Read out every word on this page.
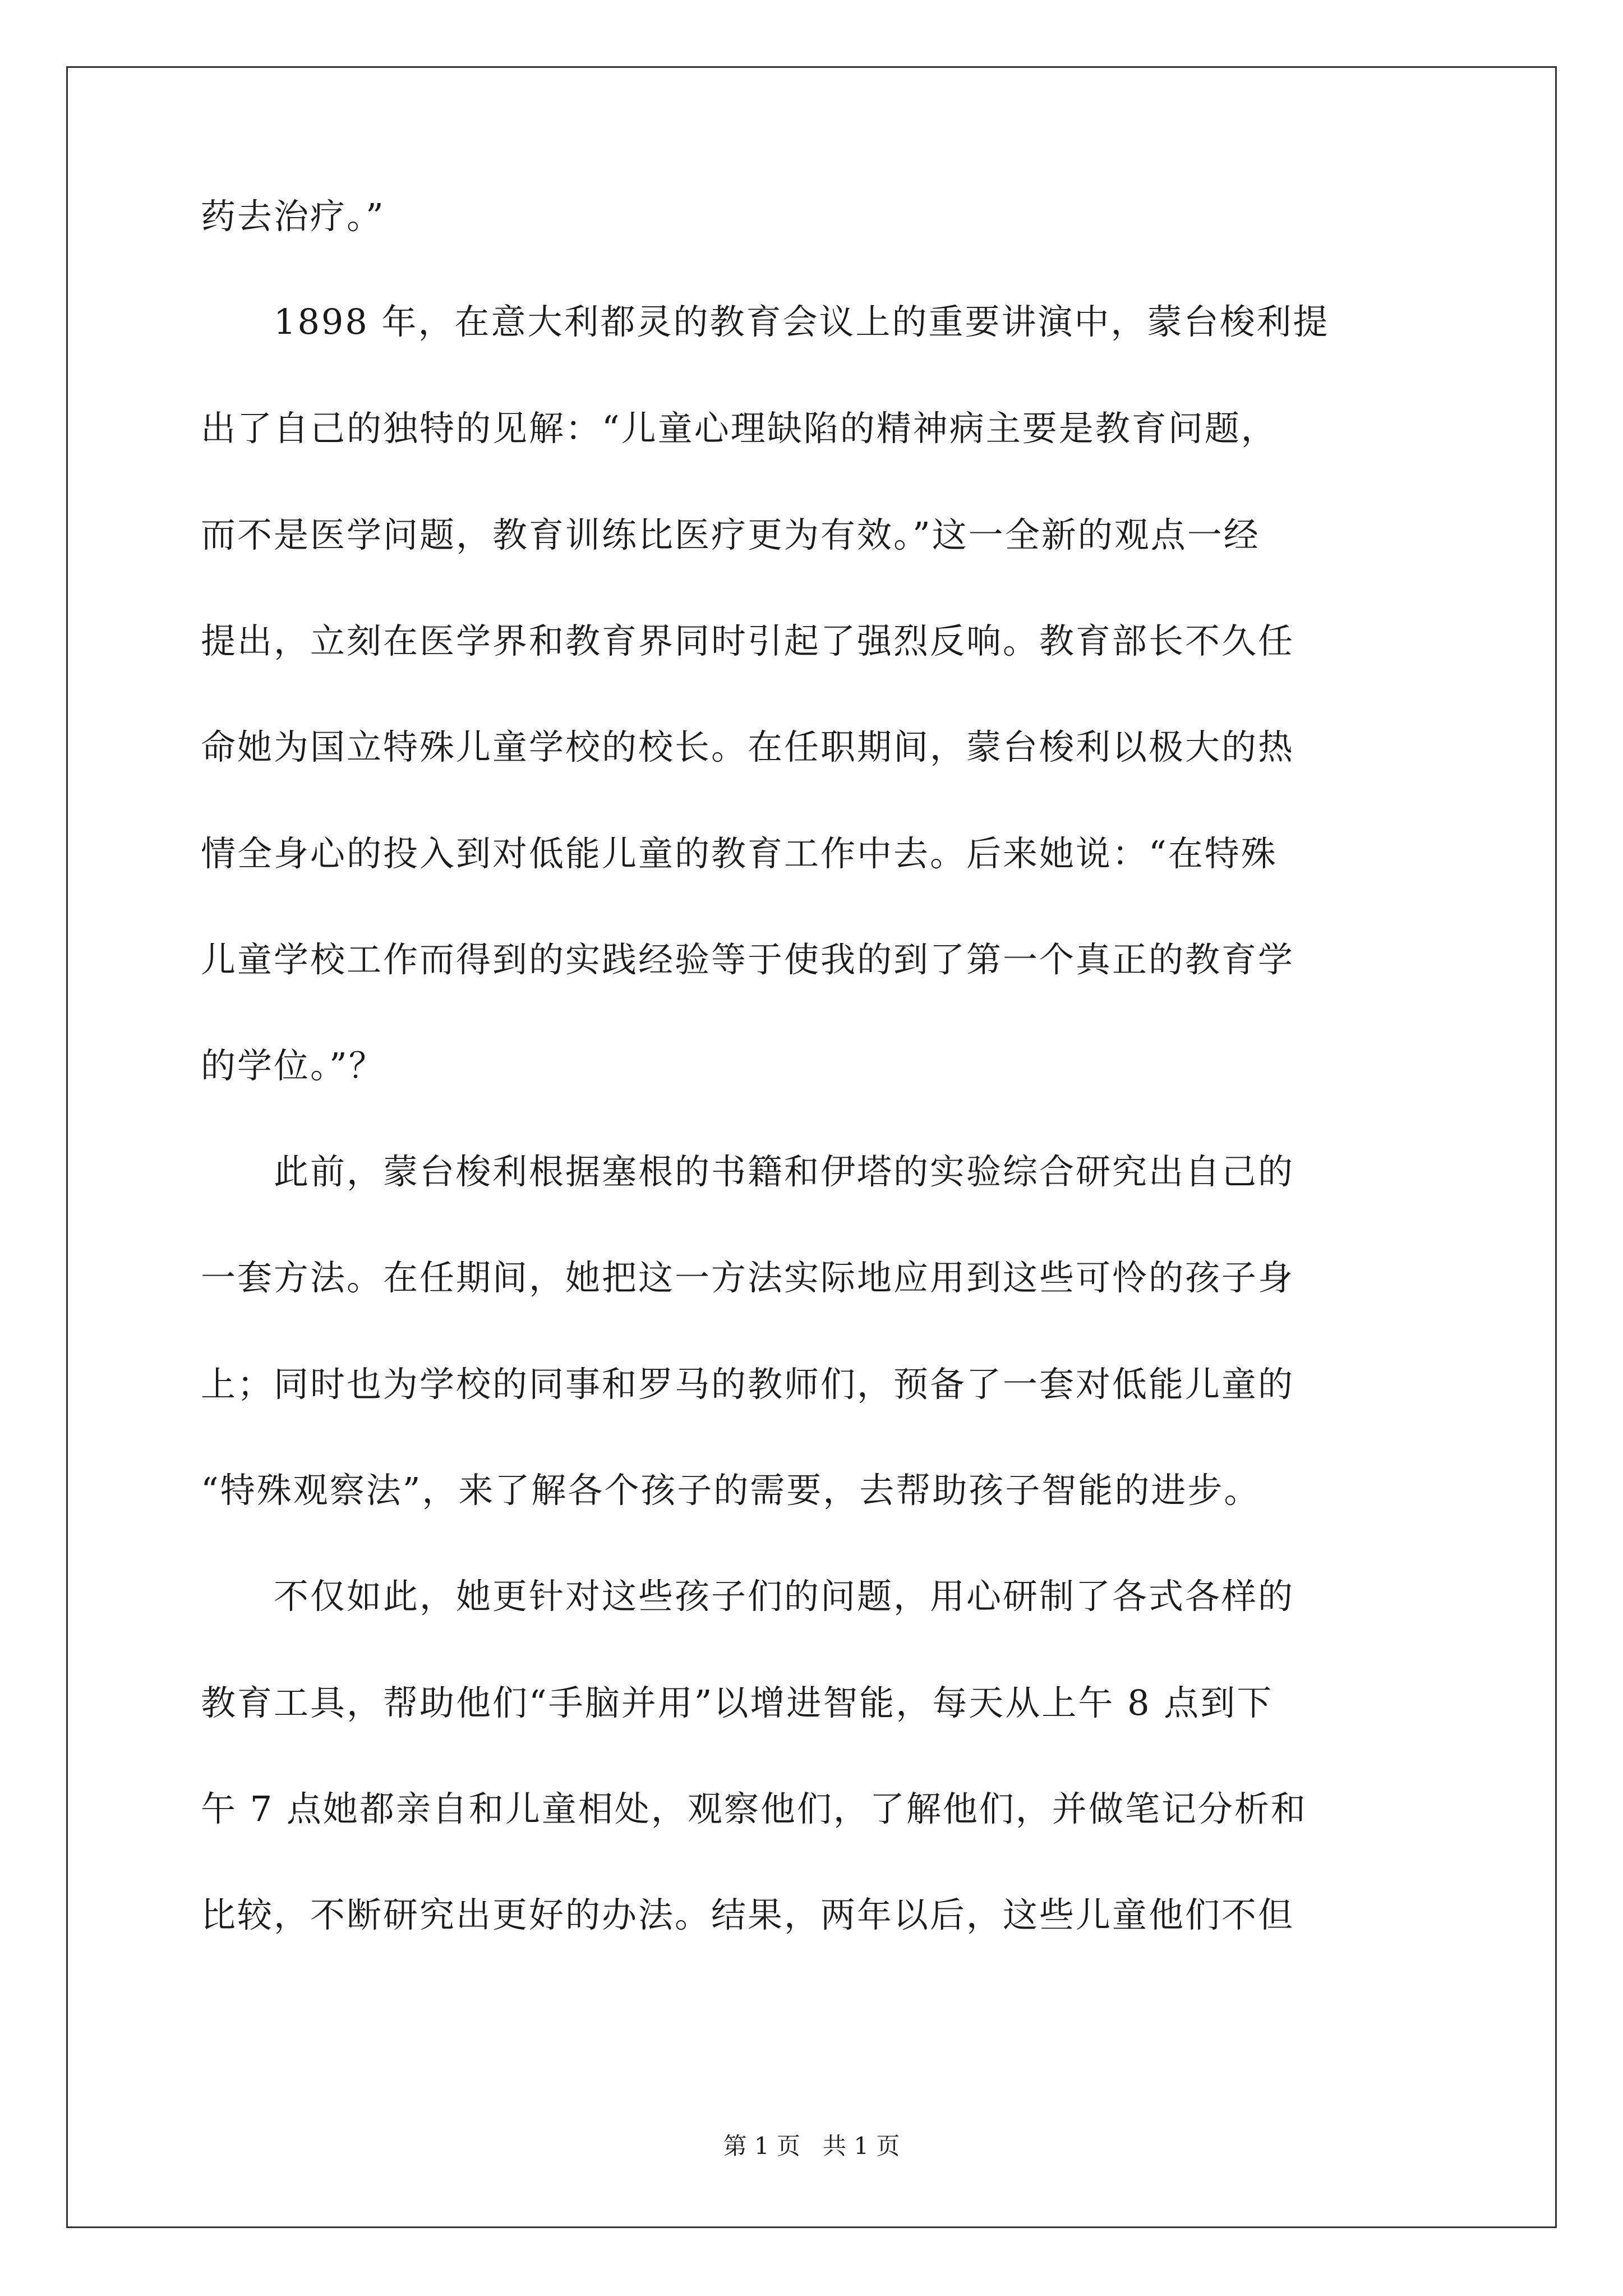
药去治疗。”
　　1898 年，在意大利都灵的教育会议上的重要讲演中，蒙台梭利提
出了自己的独特的见解：“儿童心理缺陷的精神病主要是教育问题，
而不是医学问题，教育训练比医疗更为有效。”这一全新的观点一经
提出，立刻在医学界和教育界同时引起了强烈反响。教育部长不久任
命她为国立特殊儿童学校的校长。在任职期间，蒙台梭利以极大的热
情全身心的投入到对低能儿童的教育工作中去。后来她说：“在特殊
儿童学校工作而得到的实践经验等于使我的到了第一个真正的教育学
的学位。”？
　　此前，蒙台梭利根据塞根的书籍和伊塔的实验综合研究出自己的
一套方法。在任期间，她把这一方法实际地应用到这些可怜的孩子身
上；同时也为学校的同事和罗马的教师们，预备了一套对低能儿童的
“特殊观察法”，来了解各个孩子的需要，去帮助孩子智能的进步。
　　不仅如此，她更针对这些孩子们的问题，用心研制了各式各样的
教育工具，帮助他们“手脑并用”以增进智能，每天从上午 8 点到下
午 7 点她都亲自和儿童相处，观察他们，了解他们，并做笔记分析和
比较，不断研究出更好的办法。结果，两年以后，这些儿童他们不但
第 1 页 共 1 页
